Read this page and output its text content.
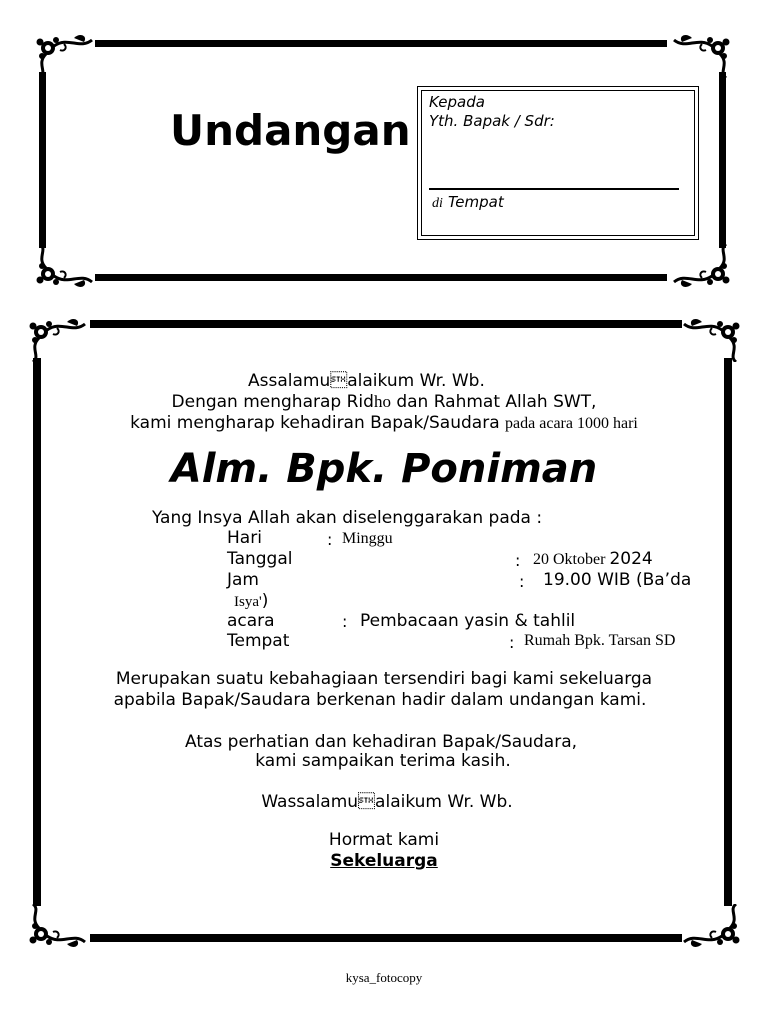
Undangan
Kepada
Yth. Bapak / Sdr:
di Tempat
Assalamualaikum Wr. Wb.
Dengan mengharap Ridho dan Rahmat Allah SWT,
kami mengharap kehadiran Bapak/Saudara pada acara 1000 hari
Alm. Bpk. Poniman
Yang Insya Allah akan diselenggarakan pada :
Hari	: Minggu
Tanggal	: 20 Oktober 2024
Jam	: 19.00 WIB (Ba’da
Isya')
acara	: Pembacaan yasin & tahlil
Tempat	: Rumah Bpk. Tarsan SD
Merupakan suatu kebahagiaan tersendiri bagi kami sekeluarga
apabila Bapak/Saudara berkenan hadir dalam undangan kami.
Atas perhatian dan kehadiran Bapak/Saudara,
kami sampaikan terima kasih.
Wassalamualaikum Wr. Wb.
Hormat kami
Sekeluarga
kysa_fotocopy
